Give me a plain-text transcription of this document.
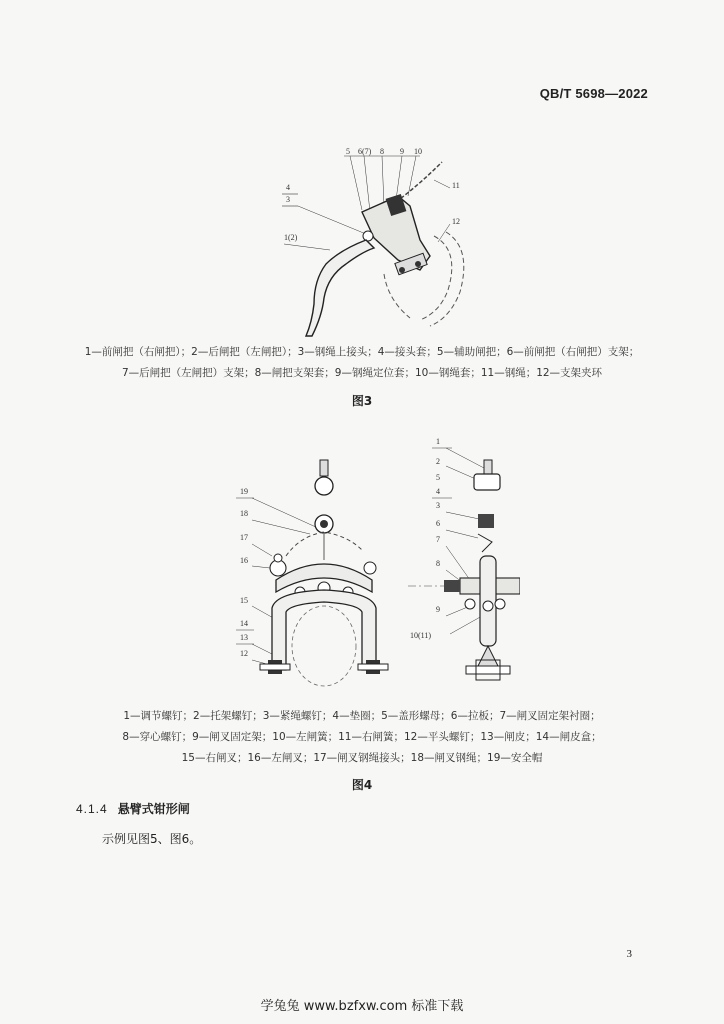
QB/T 5698—2022
5 6(7) 8 9 10
11
4
3
12
1(2)
1—前闸把（右闸把）；2—后闸把（左闸把）；3—钢绳上接头；4—接头套；5—辅助闸把；6—前闸把（右闸把）支架；
7—后闸把（左闸把）支架；8—闸把支架套；9—钢绳定位套；10—钢绳套；11—钢绳；12—支架夹环
图3
19
18
17
16
15
14
13
12
1
2
5
4
3
6
7
8
9
10(11)
1—调节螺钉；2—托架螺钉；3—紧绳螺钉；4—垫圈；5—盖形螺母；6—拉板；7—闸叉固定架衬圈；
8—穿心螺钉；9—闸叉固定架；10—左闸簧；11—右闸簧；12—平头螺钉；13—闸皮；14—闸皮盒；
15—右闸叉；16—左闸叉；17—闸叉钢绳接头；18—闸叉钢绳；19—安全帽
图4
4.1.4 悬臂式钳形闸
示例见图5、图6。
3
学兔兔 www.bzfxw.com 标准下载
